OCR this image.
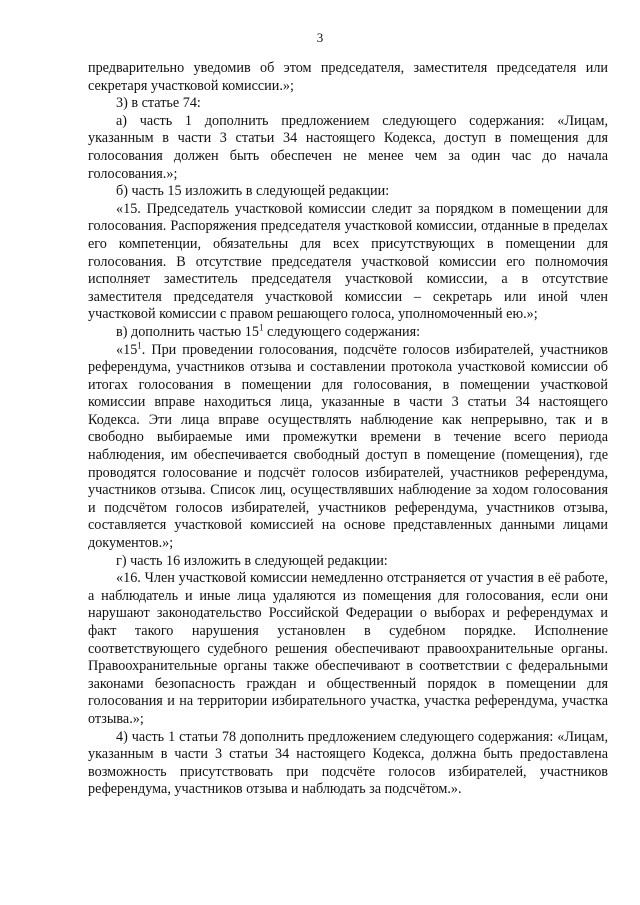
3

предварительно уведомив об этом председателя, заместителя председателя или секретаря участковой комиссии.»;

3) в статье 74:

а) часть 1 дополнить предложением следующего содержания: «Лицам, указанным в части 3 статьи 34 настоящего Кодекса, доступ в помещения для голосования должен быть обеспечен не менее чем за один час до начала голосования.»;

б) часть 15 изложить в следующей редакции:

«15. Председатель участковой комиссии следит за порядком в помещении для голосования. Распоряжения председателя участковой комиссии, отданные в пределах его компетенции, обязательны для всех присутствующих в помещении для голосования. В отсутствие председателя участковой комиссии его полномочия исполняет заместитель председателя участковой комиссии, а в отсутствие заместителя председателя участковой комиссии – секретарь или иной член участковой комиссии с правом решающего голоса, уполномоченный ею.»;

в) дополнить частью $15^1$ следующего содержания:

«$15^1$. При проведении голосования, подсчёте голосов избирателей, участников референдума, участников отзыва и составлении протокола участковой комиссии об итогах голосования в помещении для голосования, в помещении участковой комиссии вправе находиться лица, указанные в части 3 статьи 34 настоящего Кодекса. Эти лица вправе осуществлять наблюдение как непрерывно, так и в свободно выбираемые ими промежутки времени в течение всего периода наблюдения, им обеспечивается свободный доступ в помещение (помещения), где проводятся голосование и подсчёт голосов избирателей, участников референдума, участников отзыва. Список лиц, осуществлявших наблюдение за ходом голосования и подсчётом голосов избирателей, участников референдума, участников отзыва, составляется участковой комиссией на основе представленных данными лицами документов.»;

г) часть 16 изложить в следующей редакции:

«16. Член участковой комиссии немедленно отстраняется от участия в её работе, а наблюдатель и иные лица удаляются из помещения для голосования, если они нарушают законодательство Российской Федерации о выборах и референдумах и факт такого нарушения установлен в судебном порядке. Исполнение соответствующего судебного решения обеспечивают правоохранительные органы. Правоохранительные органы также обеспечивают в соответствии с федеральными законами безопасность граждан и общественный порядок в помещении для голосования и на территории избирательного участка, участка референдума, участка отзыва.»;

4) часть 1 статьи 78 дополнить предложением следующего содержания: «Лицам, указанным в части 3 статьи 34 настоящего Кодекса, должна быть предоставлена возможность присутствовать при подсчёте голосов избирателей, участников референдума, участников отзыва и наблюдать за подсчётом.».
